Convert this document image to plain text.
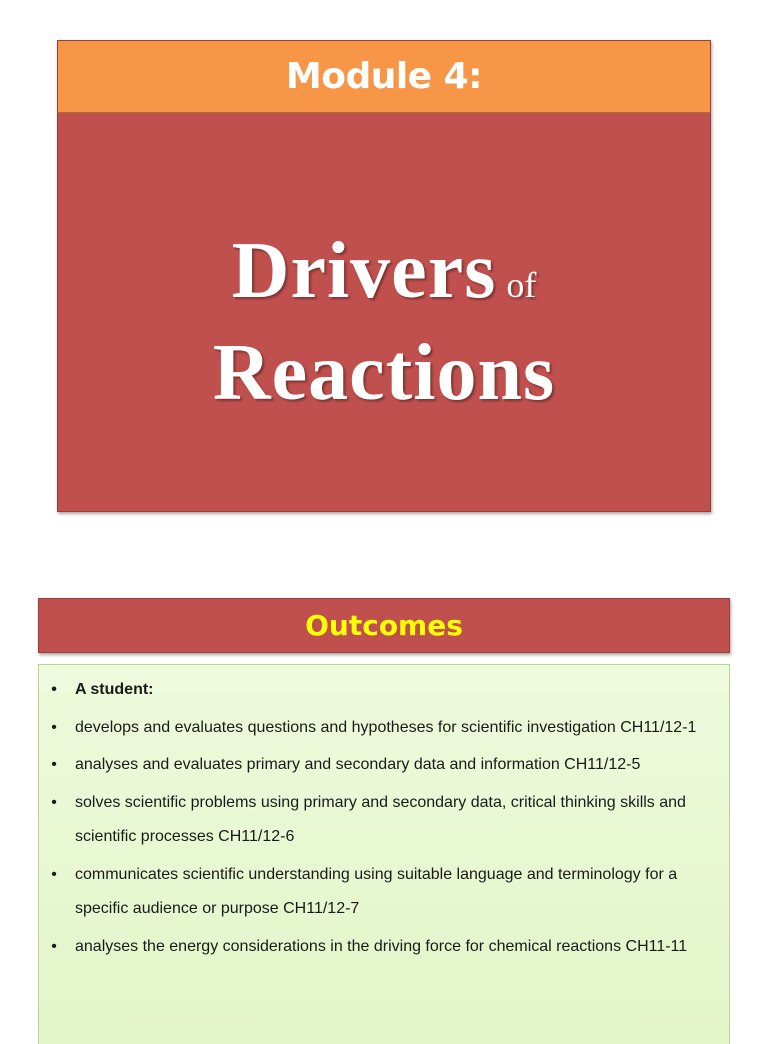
Module 4:
Drivers of
Reactions
Outcomes
• A student:
• develops and evaluates questions and hypotheses for scientific investigation CH11/12-1
• analyses and evaluates primary and secondary data and information CH11/12-5
• solves scientific problems using primary and secondary data, critical thinking skills and scientific processes CH11/12-6
• communicates scientific understanding using suitable language and terminology for a specific audience or purpose CH11/12-7
• analyses the energy considerations in the driving force for chemical reactions CH11-11
